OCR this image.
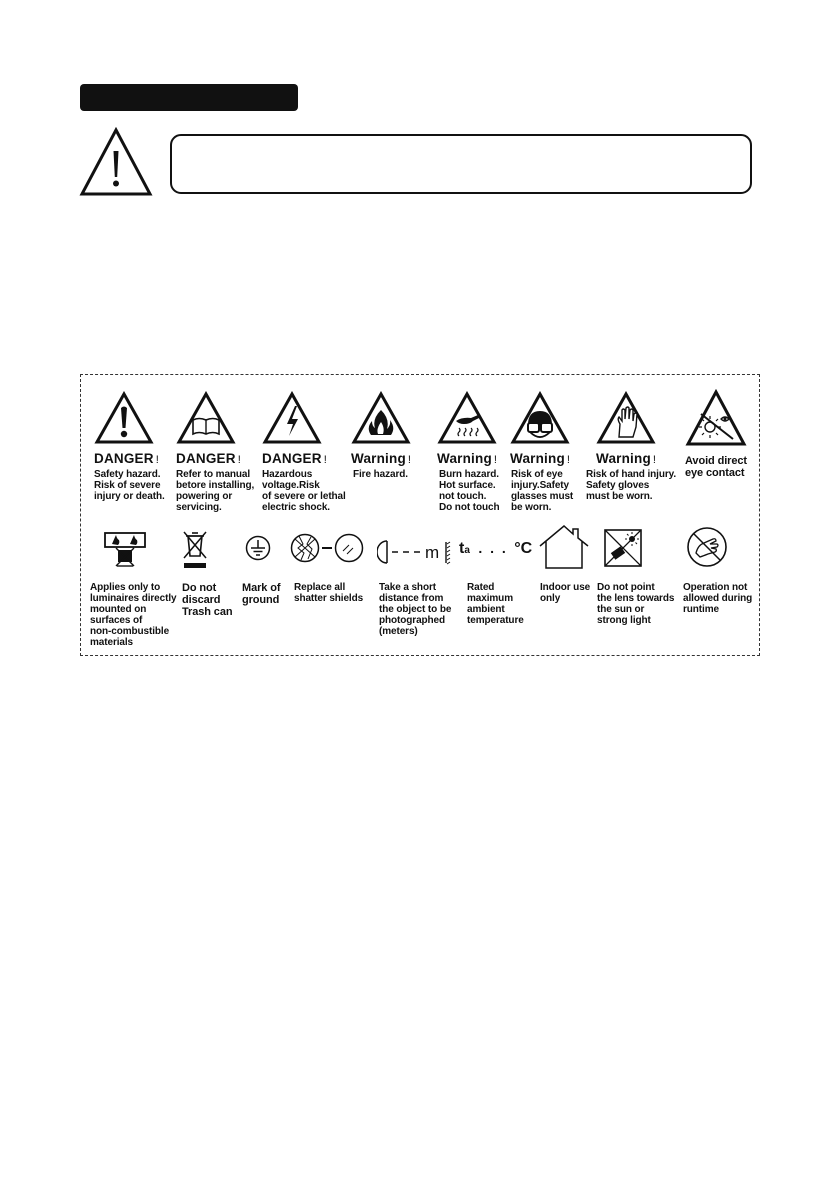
DANGER !
Safety hazard.
Risk of severe
injury or death.
DANGER !
Refer to manual
betore installing,
powering or
servicing.
DANGER !
Hazardous
voltage.Risk
of severe or lethal
electric shock.
Warning !
Fire hazard.
Warning !
Burn hazard.
Hot surface.
not touch.
Do not touch
Warning !
Risk of eye
injury.Safety
glasses must
be worn.
Warning !
Risk of hand injury.
Safety gloves
must be worn.
Avoid direct
eye contact
Applies only to
luminaires directly
mounted on
surfaces of
non-combustible
materials
Do not
discard
Trash can
Mark of
ground
Replace all
shatter shields
m
Take a short
distance from
the object to be
photographed
(meters)
ta . . . °C
Rated
maximum
ambient
temperature
Indoor use
only
Do not point
the lens towards
the sun or
strong light
Operation not
allowed during
runtime
